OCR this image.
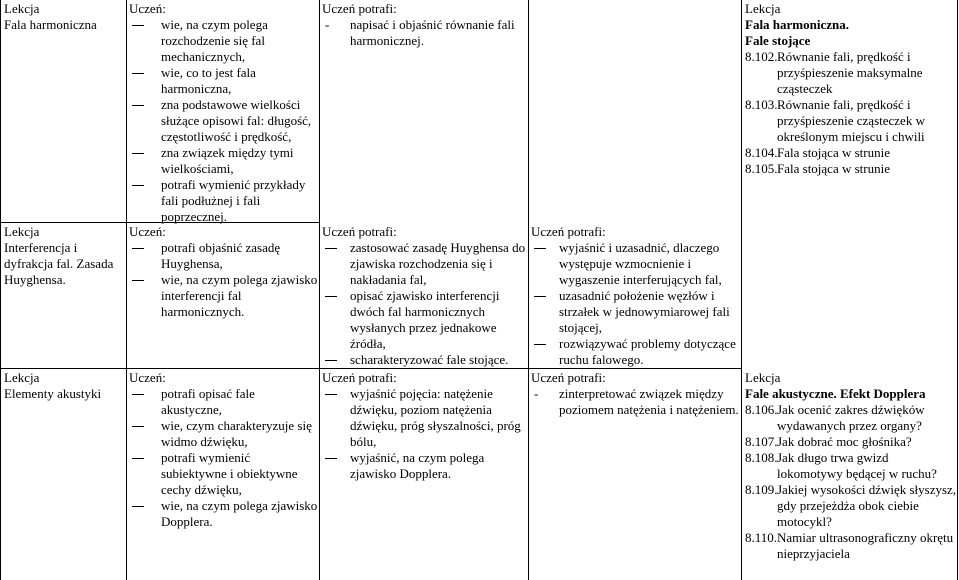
Lekcja

Fala harmoniczna

Uczeń:

wie, na czym polega rozchodzenie się fal mechanicznych,

wie, co to jest fala harmoniczna,

zna podstawowe wielkości służące opisowi fal: długość, częstotliwość i prędkość,

zna związek między tymi wielkościami,

potrafi wymienić przykłady fali podłużnej i fali poprzecznej.

Uczeń potrafi:

- napisać i objaśnić równanie fali harmonicznej.

Lekcja

Fala harmoniczna.

Fale stojące

8.102.Równanie fali, prędkość i przyśpieszenie maksymalne cząsteczek

8.103.Równanie fali, prędkość i przyśpieszenie cząsteczek w określonym miejscu i chwili

8.104.Fala stojąca w strunie

8.105.Fala stojąca w strunie

Lekcja

Interferencja i dyfrakcja fal. Zasada Huyghensa.

Uczeń:

potrafi objaśnić zasadę Huyghensa,

wie, na czym polega zjawisko interferencji fal harmonicznych.

Uczeń potrafi:

zastosować zasadę Huyghensa do zjawiska rozchodzenia się i nakładania fal,

opisać zjawisko interferencji dwóch fal harmonicznych wysłanych przez jednakowe źródła,

scharakteryzować fale stojące.

Uczeń potrafi:

wyjaśnić i uzasadnić, dlaczego występuje wzmocnienie i wygaszenie interferujących fal,

uzasadnić położenie węzłów i strzałek w jednowymiarowej fali stojącej,

rozwiązywać problemy dotyczące ruchu falowego.

Lekcja

Elementy akustyki

Uczeń:

potrafi opisać fale akustyczne,

wie, czym charakteryzuje się widmo dźwięku,

potrafi wymienić subiektywne i obiektywne cechy dźwięku,

wie, na czym polega zjawisko Dopplera.

Uczeń potrafi:

wyjaśnić pojęcia: natężenie dźwięku, poziom natężenia dźwięku, próg słyszalności, próg bólu,

wyjaśnić, na czym polega zjawisko Dopplera.

Uczeń potrafi:

- zinterpretować związek między poziomem natężenia i natężeniem.

Lekcja

Fale akustyczne. Efekt Dopplera

8.106.Jak ocenić zakres dźwięków wydawanych przez organy?

8.107.Jak dobrać moc głośnika?

8.108.Jak długo trwa gwizd lokomotywy będącej w ruchu?

8.109.Jakiej wysokości dźwięk słyszysz, gdy przejeżdża obok ciebie motocykl?

8.110.Namiar ultrasonograficzny okrętu nieprzyjaciela
